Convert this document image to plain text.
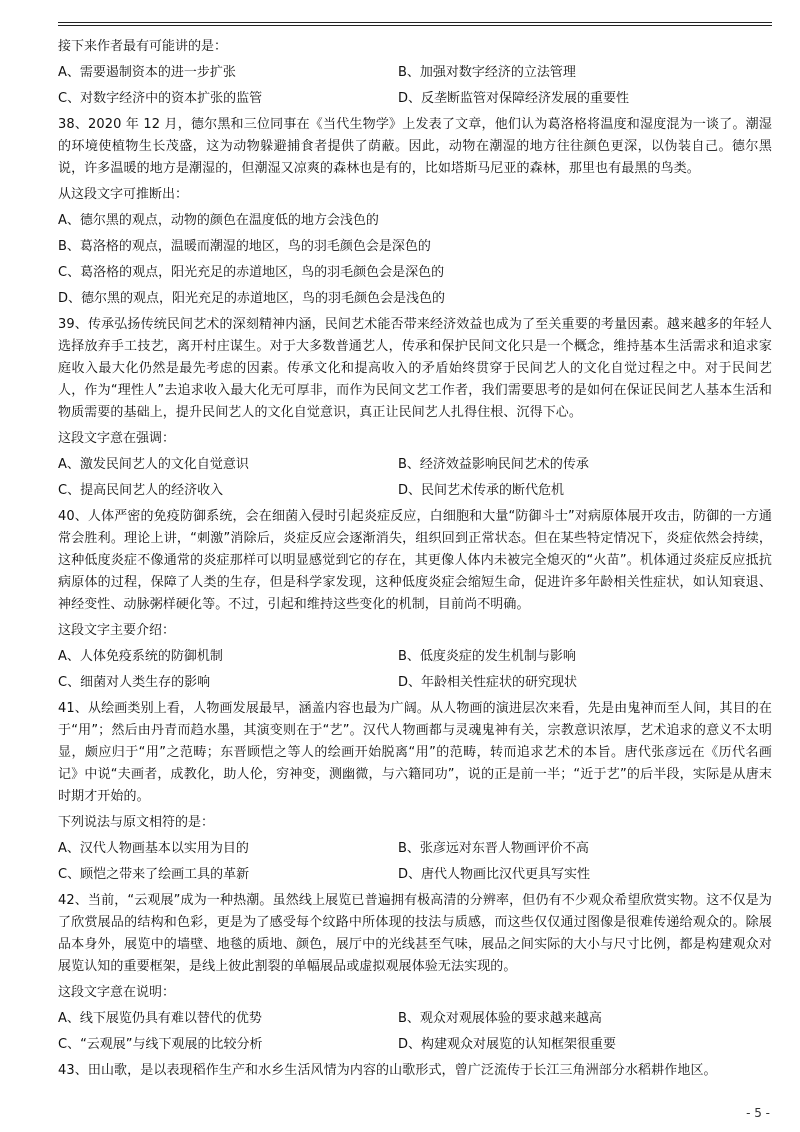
接下来作者最有可能讲的是：

A、需要遏制资本的进一步扩张	B、加强对数字经济的立法管理
C、对数字经济中的资本扩张的监管	D、反垄断监管对保障经济发展的重要性

38、2020 年 12 月，德尔黑和三位同事在《当代生物学》上发表了文章，他们认为葛洛格将温度和湿度混为一谈了。潮湿的环境使植物生长茂盛，这为动物躲避捕食者提供了荫蔽。因此，动物在潮湿的地方往往颜色更深，以伪装自己。德尔黑说，许多温暖的地方是潮湿的，但潮湿又凉爽的森林也是有的，比如塔斯马尼亚的森林，那里也有最黑的鸟类。

从这段文字可推断出：

A、德尔黑的观点，动物的颜色在温度低的地方会浅色的
B、葛洛格的观点，温暖而潮湿的地区，鸟的羽毛颜色会是深色的
C、葛洛格的观点，阳光充足的赤道地区，鸟的羽毛颜色会是深色的
D、德尔黑的观点，阳光充足的赤道地区，鸟的羽毛颜色会是浅色的

39、传承弘扬传统民间艺术的深刻精神内涵，民间艺术能否带来经济效益也成为了至关重要的考量因素。越来越多的年轻人选择放弃手工技艺，离开村庄谋生。对于大多数普通艺人，传承和保护民间文化只是一个概念，维持基本生活需求和追求家庭收入最大化仍然是最先考虑的因素。传承文化和提高收入的矛盾始终贯穿于民间艺人的文化自觉过程之中。对于民间艺人，作为“理性人”去追求收入最大化无可厚非，而作为民间文艺工作者，我们需要思考的是如何在保证民间艺人基本生活和物质需要的基础上，提升民间艺人的文化自觉意识，真正让民间艺人扎得住根、沉得下心。

这段文字意在强调：

A、激发民间艺人的文化自觉意识	B、经济效益影响民间艺术的传承
C、提高民间艺人的经济收入	D、民间艺术传承的断代危机

40、人体严密的免疫防御系统，会在细菌入侵时引起炎症反应，白细胞和大量“防御斗士”对病原体展开攻击，防御的一方通常会胜利。理论上讲，“刺激”消除后，炎症反应会逐渐消失，组织回到正常状态。但在某些特定情况下，炎症依然会持续，这种低度炎症不像通常的炎症那样可以明显感觉到它的存在，其更像人体内未被完全熄灭的“火苗”。机体通过炎症反应抵抗病原体的过程，保障了人类的生存，但是科学家发现，这种低度炎症会缩短生命，促进许多年龄相关性症状，如认知衰退、神经变性、动脉粥样硬化等。不过，引起和维持这些变化的机制，目前尚不明确。

这段文字主要介绍：

A、人体免疫系统的防御机制	B、低度炎症的发生机制与影响
C、细菌对人类生存的影响	D、年龄相关性症状的研究现状

41、从绘画类别上看，人物画发展最早，涵盖内容也最为广阔。从人物画的演进层次来看，先是由鬼神而至人间，其目的在于“用”；然后由丹青而趋水墨，其演变则在于“艺”。汉代人物画都与灵魂鬼神有关，宗教意识浓厚，艺术追求的意义不太明显，颇应归于“用”之范畴；东晋顾恺之等人的绘画开始脱离“用”的范畴，转而追求艺术的本旨。唐代张彦远在《历代名画记》中说“夫画者，成教化，助人伦，穷神变，测幽微，与六籍同功”，说的正是前一半；“近于艺”的后半段，实际是从唐末时期才开始的。

下列说法与原文相符的是：

A、汉代人物画基本以实用为目的	B、张彦远对东晋人物画评价不高
C、顾恺之带来了绘画工具的革新	D、唐代人物画比汉代更具写实性

42、当前，“云观展”成为一种热潮。虽然线上展览已普遍拥有极高清的分辨率，但仍有不少观众希望欣赏实物。这不仅是为了欣赏展品的结构和色彩，更是为了感受每个纹路中所体现的技法与质感，而这些仅仅通过图像是很难传递给观众的。除展品本身外，展览中的墙壁、地毯的质地、颜色，展厅中的光线甚至气味，展品之间实际的大小与尺寸比例，都是构建观众对展览认知的重要框架，是线上彼此割裂的单幅展品或虚拟观展体验无法实现的。

这段文字意在说明：

A、线下展览仍具有难以替代的优势	B、观众对观展体验的要求越来越高
C、“云观展”与线下观展的比较分析	D、构建观众对展览的认知框架很重要

43、田山歌，是以表现稻作生产和水乡生活风情为内容的山歌形式，曾广泛流传于长江三角洲部分水稻耕作地区。

- 5 -
